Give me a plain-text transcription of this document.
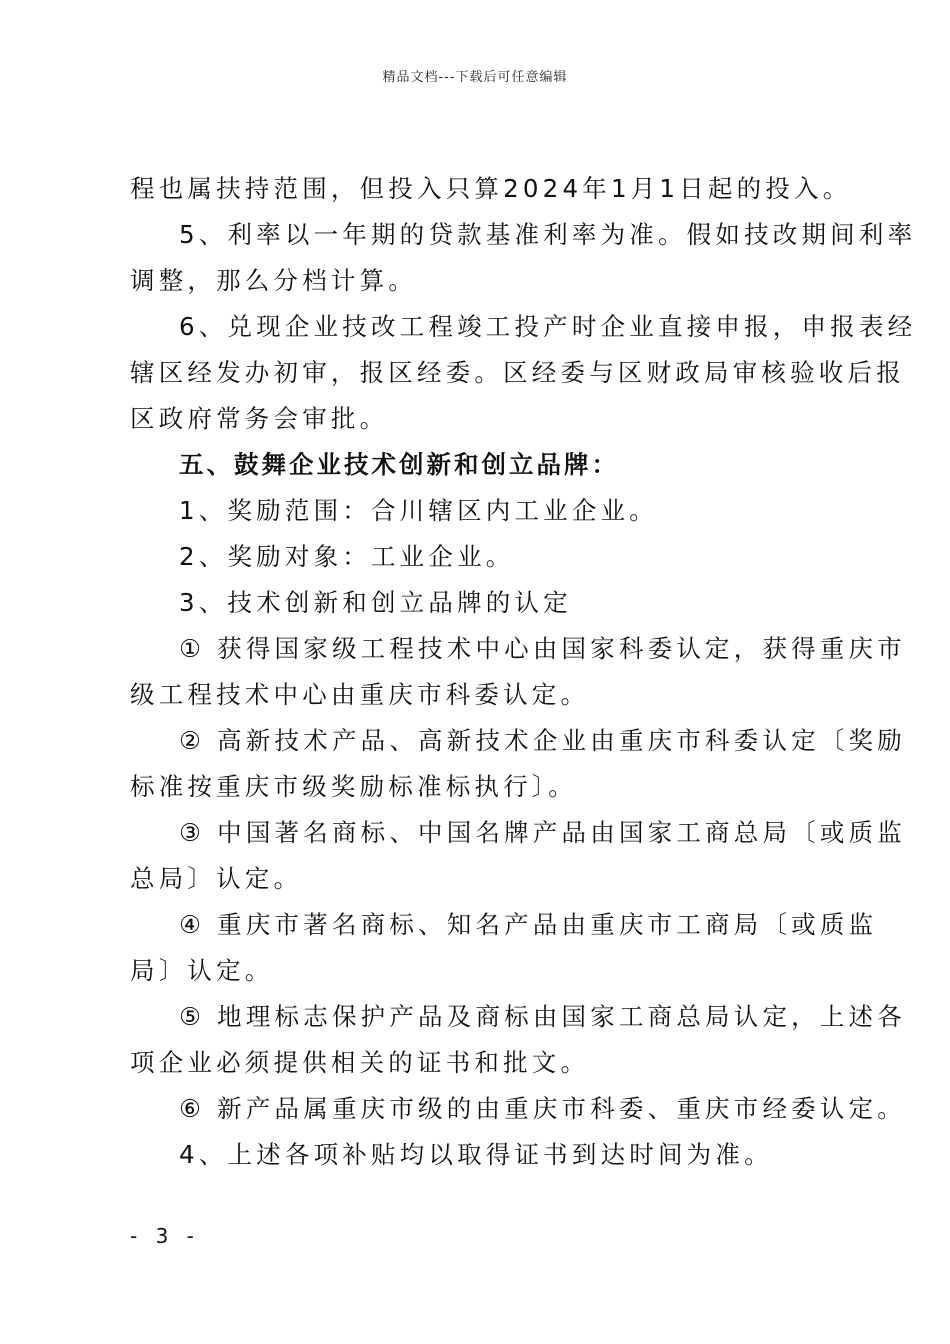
精品文档---下载后可任意编辑
程也属扶持范围，但投入只算2024年1月1日起的投入。
5、利率以一年期的贷款基准利率为准。假如技改期间利率
调整，那么分档计算。
6、兑现企业技改工程竣工投产时企业直接申报，申报表经
辖区经发办初审，报区经委。区经委与区财政局审核验收后报
区政府常务会审批。
五、鼓舞企业技术创新和创立品牌：
1、奖励范围：合川辖区内工业企业。
2、奖励对象：工业企业。
3、技术创新和创立品牌的认定
① 获得国家级工程技术中心由国家科委认定，获得重庆市
级工程技术中心由重庆市科委认定。
② 高新技术产品、高新技术企业由重庆市科委认定〔奖励
标准按重庆市级奖励标准标执行〕。
③ 中国著名商标、中国名牌产品由国家工商总局〔或质监
总局〕认定。
④ 重庆市著名商标、知名产品由重庆市工商局〔或质监
局〕认定。
⑤ 地理标志保护产品及商标由国家工商总局认定，上述各
项企业必须提供相关的证书和批文。
⑥ 新产品属重庆市级的由重庆市科委、重庆市经委认定。
4、上述各项补贴均以取得证书到达时间为准。
- 3 -
